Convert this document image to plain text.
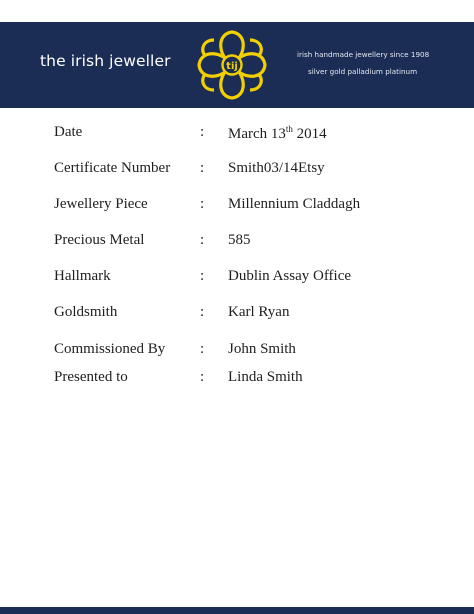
the irish jeweller	tij
irish handmade jewellery since 1908
silver gold palladium platinum
Date	: March 13th 2014
Certificate Number : Smith03/14Etsy
Jewellery Piece	: Millennium Claddagh
Precious Metal	: 585
Hallmark	: Dublin Assay Office
Goldsmith	: Karl Ryan
Commissioned By : John Smith
Presented to	: Linda Smith
